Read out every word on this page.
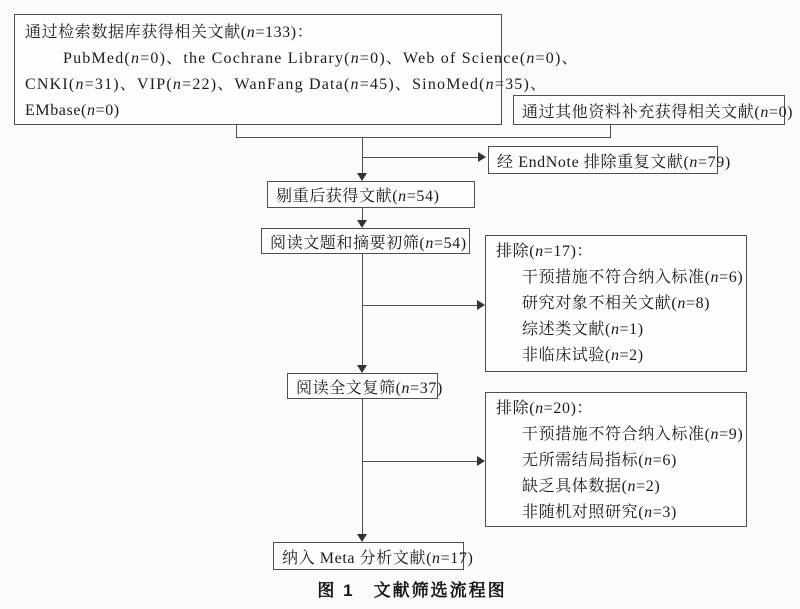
通过检索数据库获得相关文献(n=133)：
PubMed(n=0)、the Cochrane Library(n=0)、Web of Science(n=0)、
CNKI(n=31)、VIP(n=22)、WanFang Data(n=45)、SinoMed(n=35)、
EMbase(n=0)	通过其他资料补充获得相关文献(n=0)
经 EndNote 排除重复文献(n=79)
剔重后获得文献(n=54)
阅读文题和摘要初筛(n=54) 排除(n=17)：
干预措施不符合纳入标准(n=6)
研究对象不相关文献(n=8)
综述类文献(n=1)
非临床试验(n=2)
阅读全文复筛(n=37)
排除(n=20)：
干预措施不符合纳入标准(n=9)
无所需结局指标(n=6)
缺乏具体数据(n=2)
非随机对照研究(n=3)
纳入 Meta 分析文献(n=17)
图 1　文献筛选流程图
